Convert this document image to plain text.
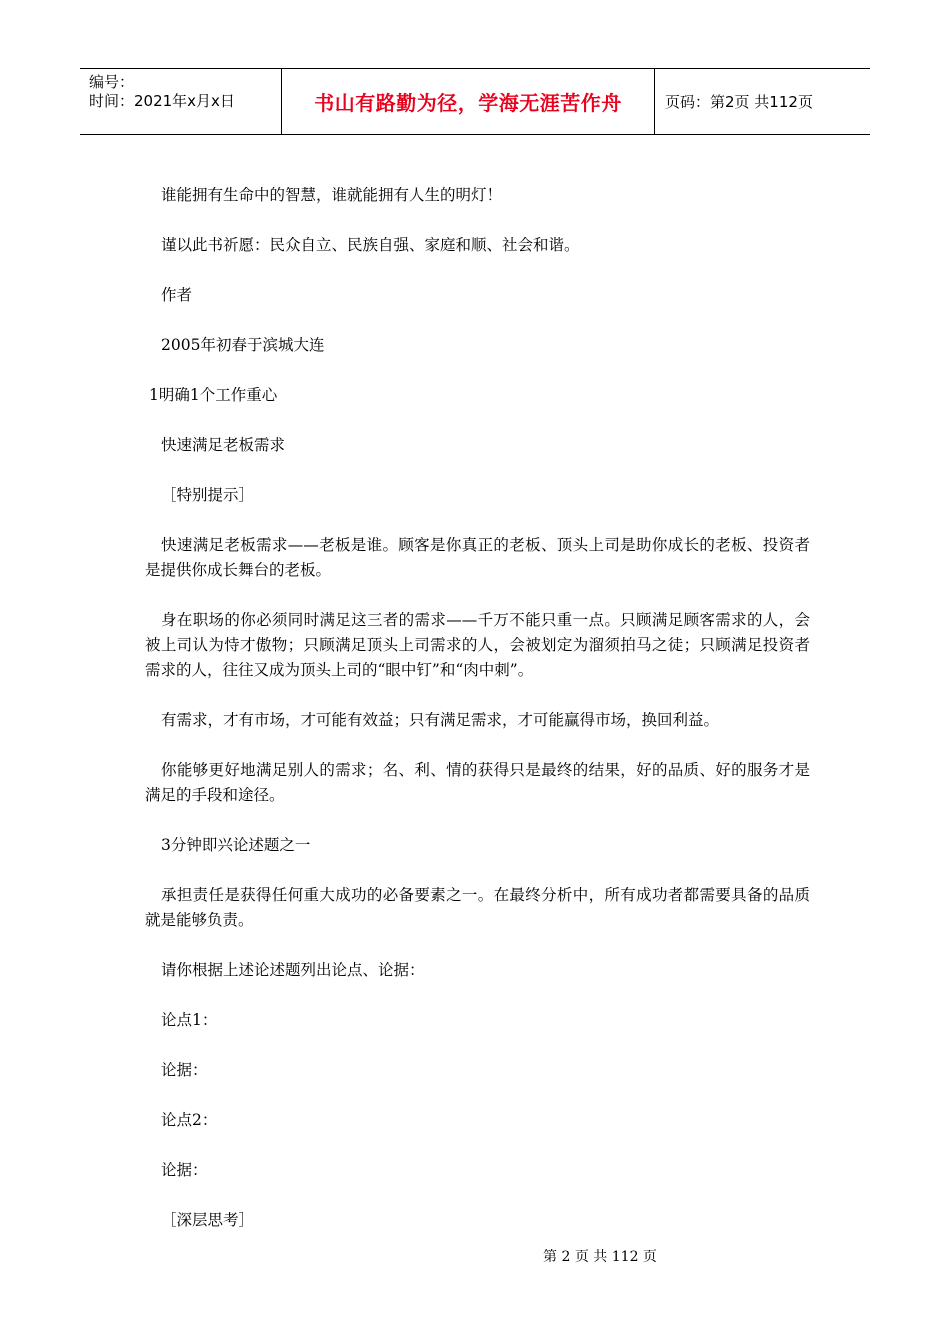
编号：
时间：2021年x月x日	书山有路勤为径，学海无涯苦作舟	页码：第2页 共112页

谁能拥有生命中的智慧，谁就能拥有人生的明灯！

谨以此书祈愿：民众自立、民族自强、家庭和顺、社会和谐。

作者

2005年初春于滨城大连

1明确1个工作重心

快速满足老板需求

［特别提示］

快速满足老板需求——老板是谁。顾客是你真正的老板、顶头上司是助你成长的老板、投资者是提供你成长舞台的老板。

身在职场的你必须同时满足这三者的需求——千万不能只重一点。只顾满足顾客需求的人，会被上司认为恃才傲物；只顾满足顶头上司需求的人，会被划定为溜须拍马之徒；只顾满足投资者需求的人，往往又成为顶头上司的“眼中钉”和“肉中刺”。

有需求，才有市场，才可能有效益；只有满足需求，才可能赢得市场，换回利益。

你能够更好地满足别人的需求；名、利、情的获得只是最终的结果，好的品质、好的服务才是满足的手段和途径。

3分钟即兴论述题之一

承担责任是获得任何重大成功的必备要素之一。在最终分析中，所有成功者都需要具备的品质就是能够负责。

请你根据上述论述题列出论点、论据：

论点1：

论据：

论点2：

论据：

［深层思考］

第 2 页 共 112 页
